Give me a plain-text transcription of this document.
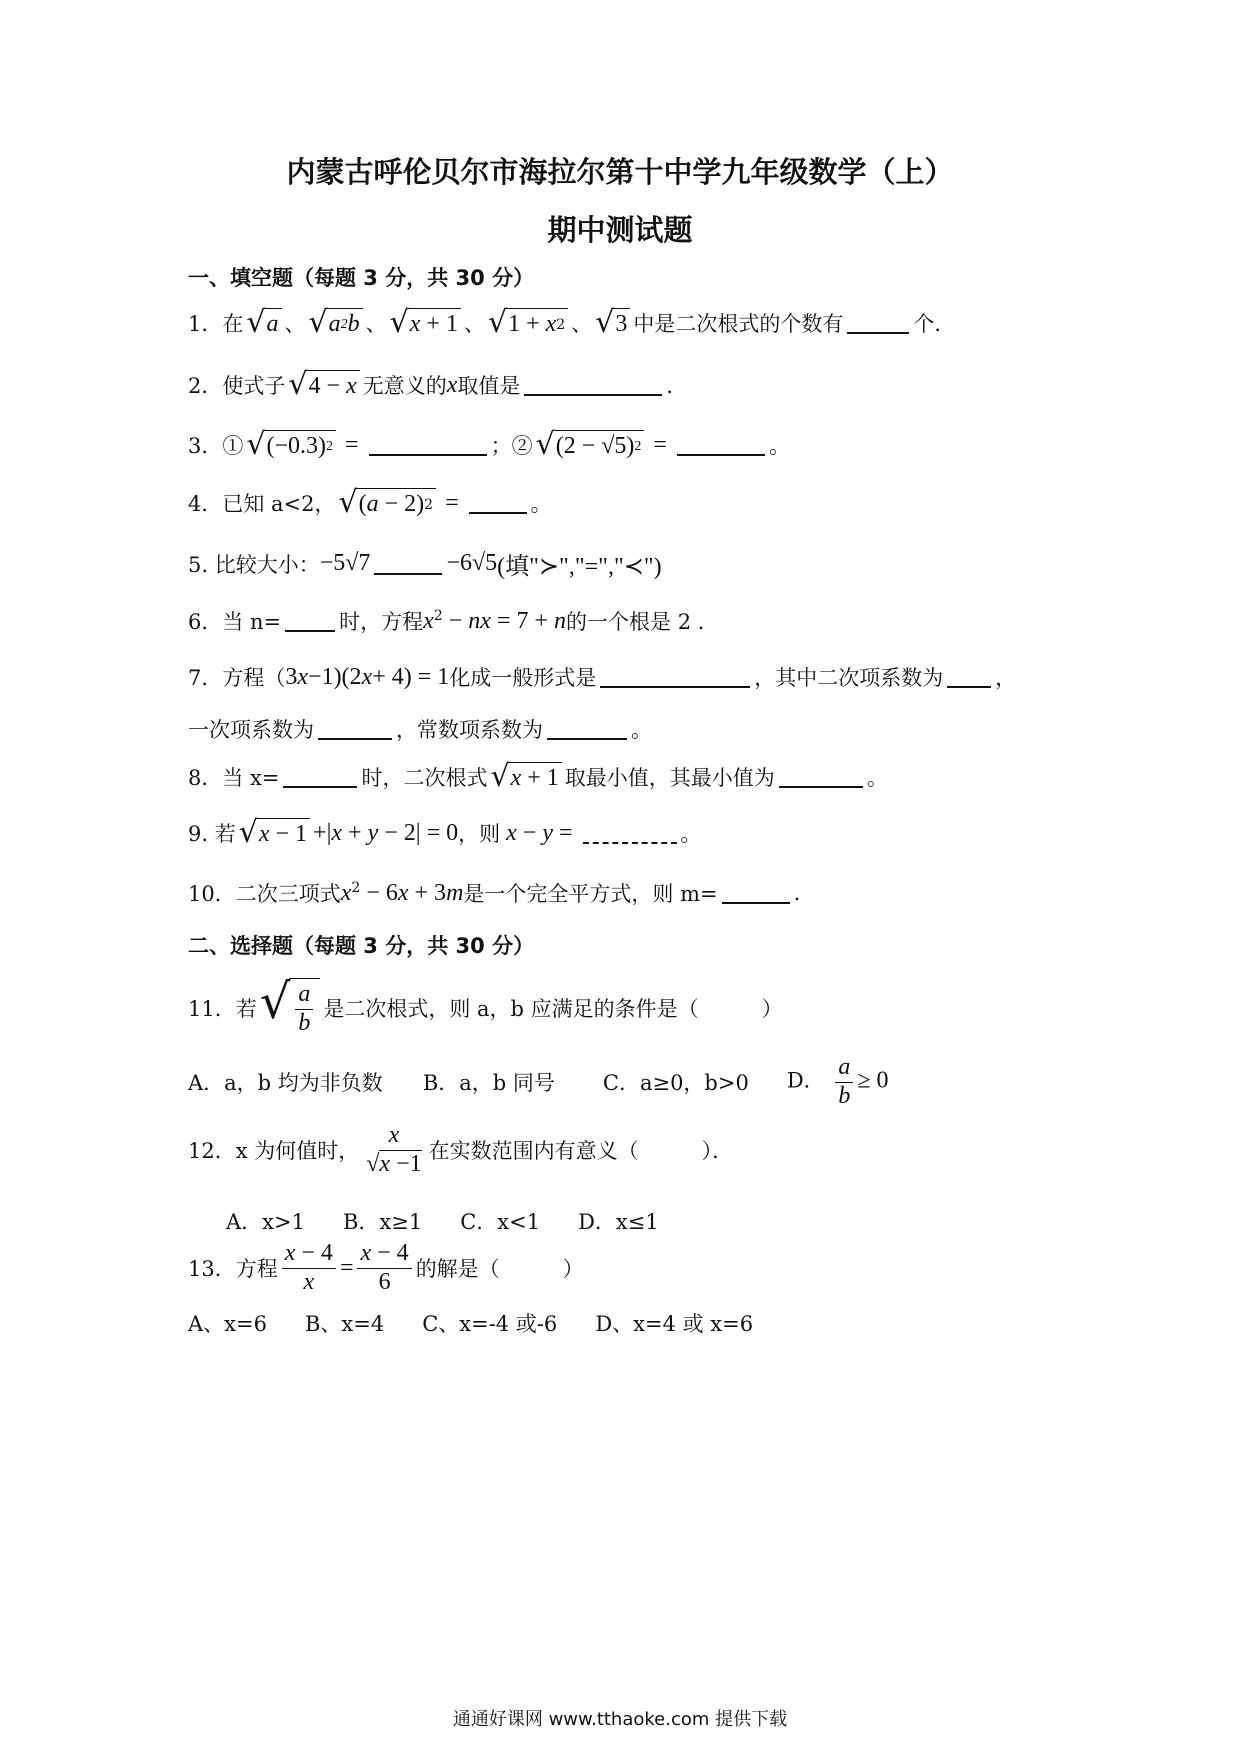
内蒙古呼伦贝尔市海拉尔第十中学九年级数学（上）
期中测试题
一、填空题（每题 3 分，共 30 分）
1．在 √ a 、 √ a 2 b 、 √ x + 1 、 √ 1 + x 2 、 √ 3 中是二次根式的个数有	个．
2．使式子 √ 4 − x 无意义的 x 取值是	．
3．① √ (−0.3) 2 =	；② √ (2 − √5) 2 =	。
4．已知 a<2， √ ( a − 2) 2 =	。
5. 比较大小： −5√7	−6√5 (填"≻","=","≺")
6．当 n=	时，方程 $x^2$ − nx = 7 + n 的一个根是 2 ．
7．方程（ 3x−1)(2x+ 4) = 1 化成一般形式是	，其中二次项系数为 ，
一次项系数为	，常数项系数为	。
8．当 x=	时，二次根式 √ x + 1 取最小值，其最小值为	。
9. 若 √ x − 1 +| x + y − 2| = 0 ，则 x − y =	。
10．二次三项式 $x^2 - 6x + 3m$ 是一个完全平方式，则 m=	.
二、选择题（每题 3 分，共 30 分）
11．若 √ $\frac{a}{b}$ 是二次根式，则 a，b 应满足的条件是（　　　）
A．a，b 均为非负数 B．a，b 同号 C．a≥0，b>0 D． $\frac{a}{b} \ge 0$
12．x 为何值时， $\frac{x}{√x -1}$ 在实数范围内有意义（　　　）．
A．x>1 B．x≥1 C．x<1 D．x≤1
13．方程 $\frac{x - 4}{x} = \frac{x - 4}{6}$ 的解是（　　　）
A、x=6 B、x=4 C、x=-4 或-6 D、x=4 或 x=6
通通好课网 www.tthaoke.com 提供下载
